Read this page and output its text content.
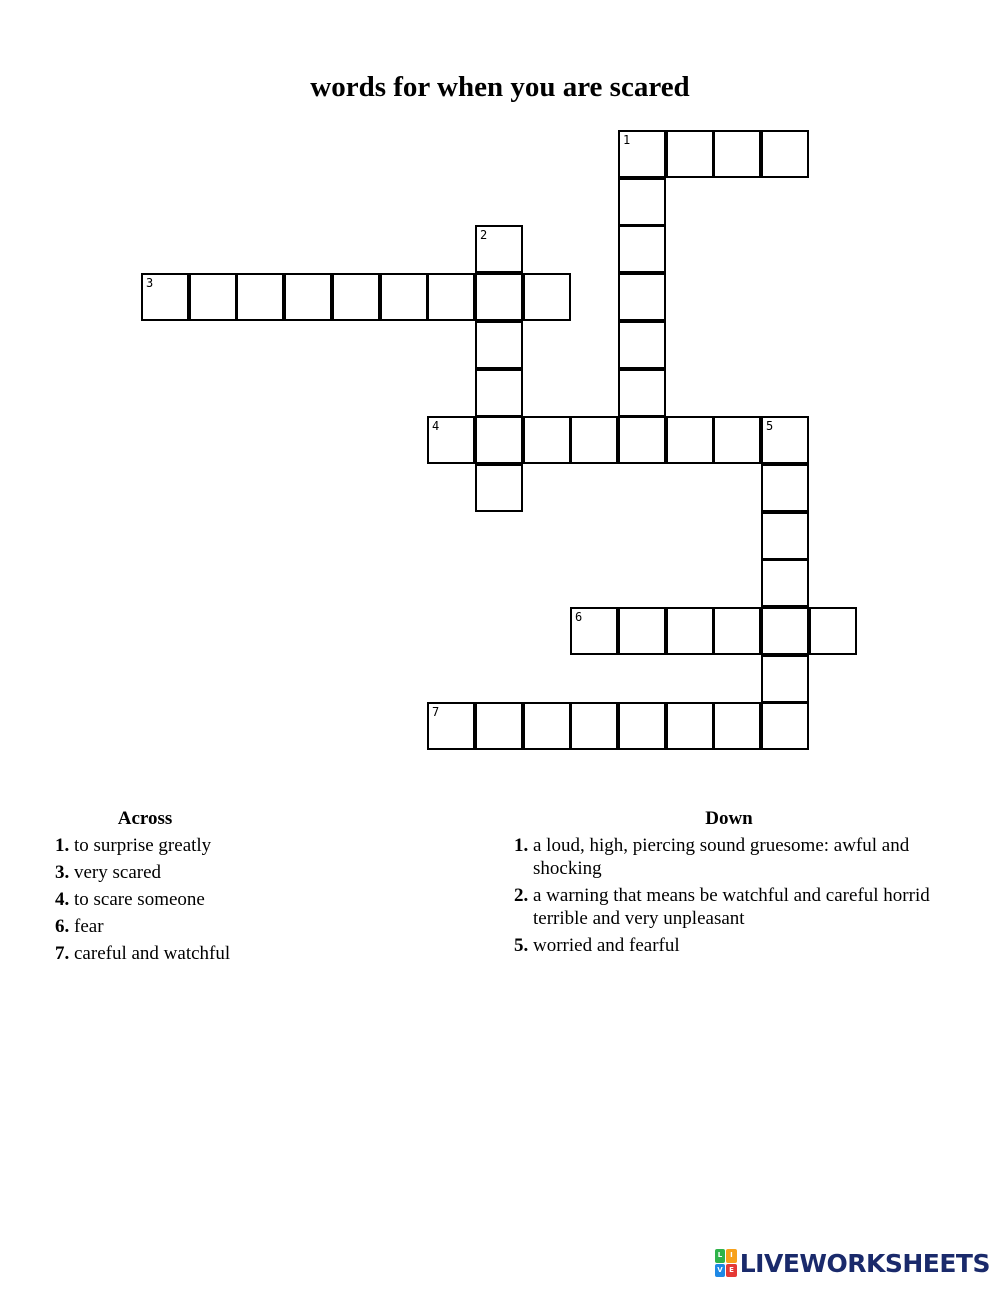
words for when you are scared
1
2
3
4	5
6
7
Across
1. to surprise greatly
3. very scared
4. to scare someone
6. fear
7. careful and watchful
Down
1. a loud, high, piercing sound gruesome: awful and shocking
2. a warning that means be watchful and careful horrid terrible and very unpleasant
5. worried and fearful
L	I
V E LIVEWORKSHEETS
